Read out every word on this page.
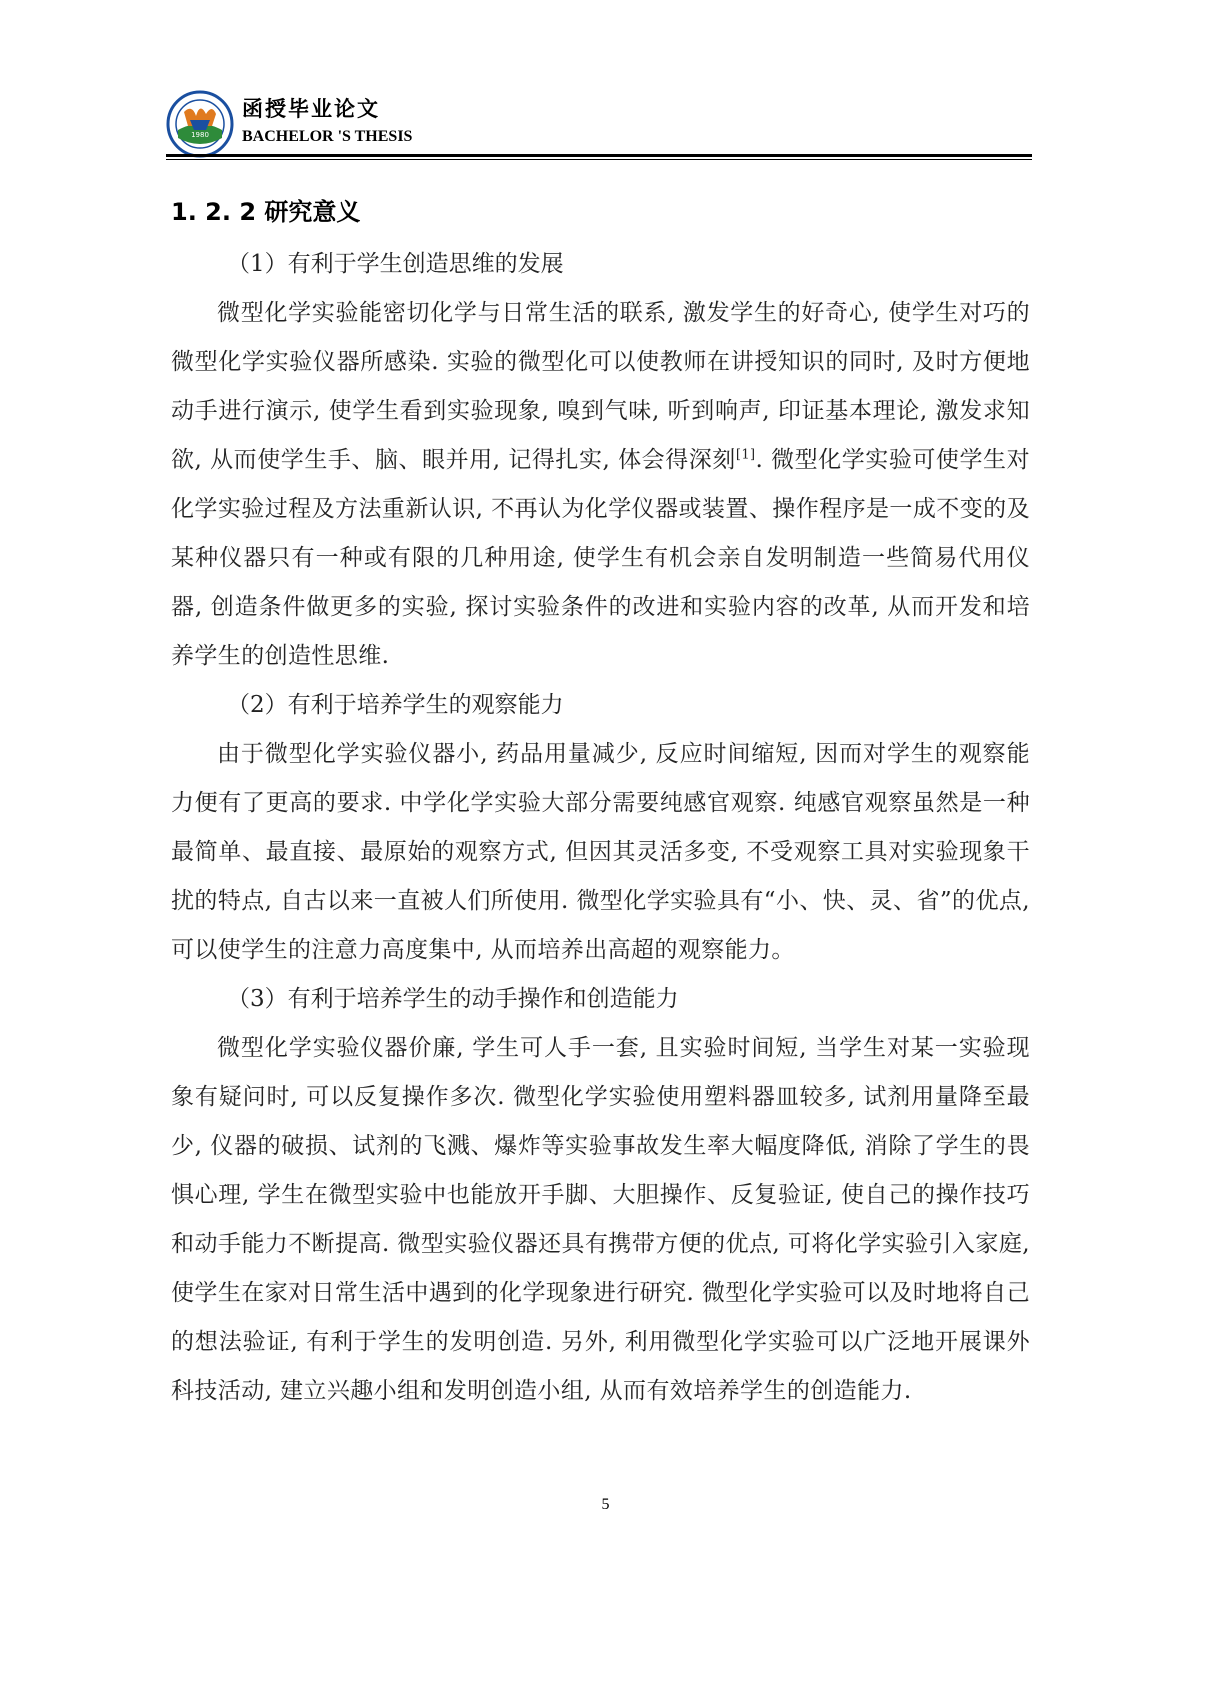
1980
函授毕业论文
BACHELOR 'S THESIS
1. 2. 2 研究意义

（1）有利于学生创造思维的发展

微型化学实验能密切化学与日常生活的联系, 激发学生的好奇心, 使学生对巧的微型化学实验仪器所感染. 实验的微型化可以使教师在讲授知识的同时, 及时方便地动手进行演示, 使学生看到实验现象, 嗅到气味, 听到响声, 印证基本理论, 激发求知欲, 从而使学生手、脑、眼并用, 记得扎实, 体会得深刻[1]. 微型化学实验可使学生对化学实验过程及方法重新认识, 不再认为化学仪器或装置、操作程序是一成不变的及某种仪器只有一种或有限的几种用途, 使学生有机会亲自发明制造一些简易代用仪器, 创造条件做更多的实验, 探讨实验条件的改进和实验内容的改革, 从而开发和培养学生的创造性思维.

（2）有利于培养学生的观察能力

由于微型化学实验仪器小, 药品用量减少, 反应时间缩短, 因而对学生的观察能力便有了更高的要求. 中学化学实验大部分需要纯感官观察. 纯感官观察虽然是一种最简单、最直接、最原始的观察方式, 但因其灵活多变, 不受观察工具对实验现象干扰的特点, 自古以来一直被人们所使用. 微型化学实验具有“小、快、灵、省”的优点, 可以使学生的注意力高度集中, 从而培养出高超的观察能力。

（3）有利于培养学生的动手操作和创造能力

微型化学实验仪器价廉, 学生可人手一套, 且实验时间短, 当学生对某一实验现象有疑问时, 可以反复操作多次. 微型化学实验使用塑料器皿较多, 试剂用量降至最少, 仪器的破损、试剂的飞溅、爆炸等实验事故发生率大幅度降低, 消除了学生的畏惧心理, 学生在微型实验中也能放开手脚、大胆操作、反复验证, 使自己的操作技巧和动手能力不断提高. 微型实验仪器还具有携带方便的优点, 可将化学实验引入家庭, 使学生在家对日常生活中遇到的化学现象进行研究. 微型化学实验可以及时地将自己的想法验证, 有利于学生的发明创造. 另外, 利用微型化学实验可以广泛地开展课外科技活动, 建立兴趣小组和发明创造小组, 从而有效培养学生的创造能力.

5
